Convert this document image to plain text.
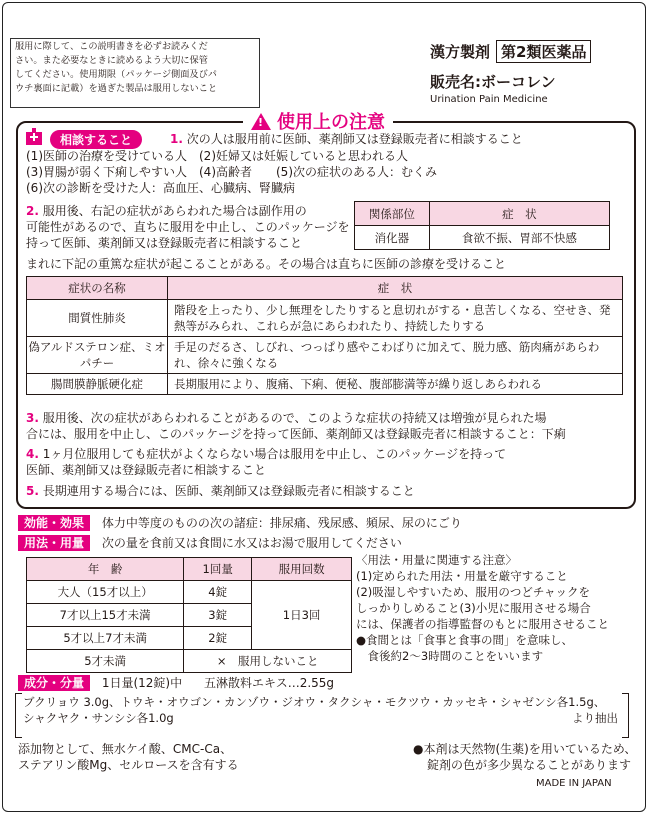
服用に際して、この説明書きを必ずお読みくだ
さい。また必要なときに読めるよう大切に保管
してください。使用期限（パッケージ側面及びパ
ウチ裏面に記載）を過ぎた製品は服用しないこと
漢方製剤 第2類医薬品
販売名:ボーコレン
Urination Pain Medicine
! 使用上の注意
相談すること	1. 次の人は服用前に医師、薬剤師又は登録販売者に相談すること
(1)医師の治療を受けている人　(2)妊婦又は妊娠していると思われる人
(3)胃腸が弱く下痢しやすい人　(4)高齢者　　(5)次の症状のある人：むくみ
(6)次の診断を受けた人：高血圧、心臓病、腎臓病
2. 服用後、右記の症状があらわれた場合は副作用の
可能性があるので、直ちに服用を中止し、このパッケージを
持って医師、薬剤師又は登録販売者に相談すること
まれに下記の重篤な症状が起こることがある。その場合は直ちに医師の診療を受けること
関係部位	症　状
消化器	食欲不振、胃部不快感
症状の名称	症　状
間質性肺炎	階段を上ったり、少し無理をしたりすると息切れがする・息苦しくなる、空せき、発熱等がみられ、これらが急にあらわれたり、持続したりする
偽アルドステロン症、ミオパチー	手足のだるさ、しびれ、つっぱり感やこわばりに加えて、脱力感、筋肉痛があらわれ、徐々に強くなる
腸間膜静脈硬化症	長期服用により、腹痛、下痢、便秘、腹部膨満等が繰り返しあらわれる
3. 服用後、次の症状があらわれることがあるので、このような症状の持続又は増強が見られた場
合には、服用を中止し、このパッケージを持って医師、薬剤師又は登録販売者に相談すること：下痢
4. 1ヶ月位服用しても症状がよくならない場合は服用を中止し、このパッケージを持って
医師、薬剤師又は登録販売者に相談すること
5. 長期連用する場合には、医師、薬剤師又は登録販売者に相談すること
効能・効果 体力中等度のものの次の諸症：排尿痛、残尿感、頻尿、尿のにごり
用法・用量 次の量を食前又は食間に水又はお湯で服用してください
年　齢	1回量	服用回数
大人（15才以上）	4錠	1日3回
7才以上15才未満	3錠	
5才以上7才未満	2錠	
5才未満	×　服用しないこと	
〈用法・用量に関連する注意〉
(1)定められた用法・用量を厳守すること
(2)吸湿しやすいため、服用のつどチャックを
しっかりしめること(3)小児に服用させる場合
には、保護者の指導監督のもとに服用させること
●食間とは「食事と食事の間」を意味し、
　食後約2～3時間のことをいいます
成分・分量 1日量(12錠)中 五淋散料エキス…2.55g
ブクリョウ 3.0g、トウキ・オウゴン・カンゾウ・ジオウ・タクシャ・モクツウ・カッセキ・シャゼンシ各1.5g、
シャクヤク・サンシシ各1.0g	より抽出
添加物として、無水ケイ酸、CMC-Ca、
ステアリン酸Mg、セルロースを含有する
●本剤は天然物(生薬)を用いているため、
錠剤の色が多少異なることがあります
MADE IN JAPAN
